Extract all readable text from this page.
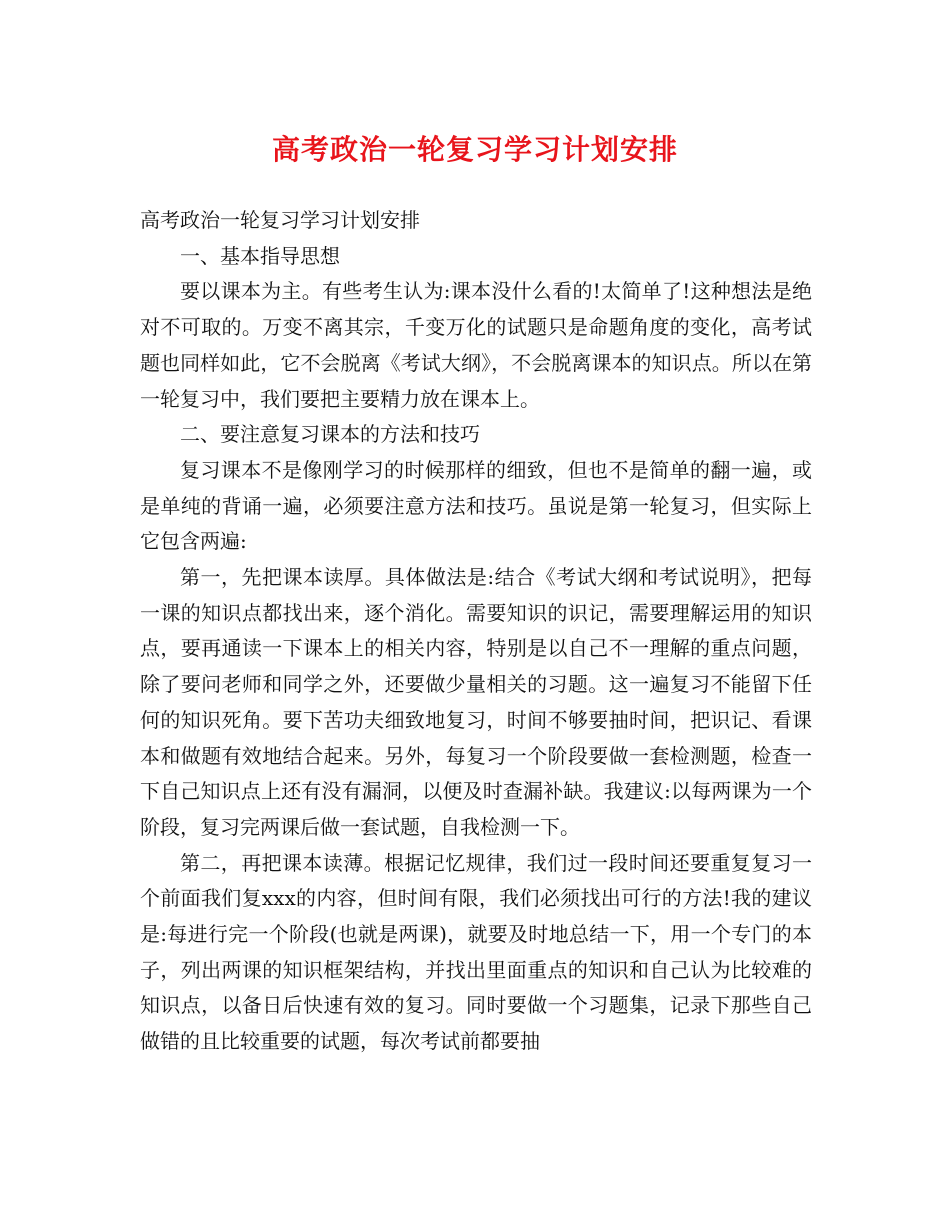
高考政治一轮复习学习计划安排

高考政治一轮复习学习计划安排

一、基本指导思想

要以课本为主。有些考生认为:课本没什么看的!太简单了!这种想法是绝对不可取的。万变不离其宗，千变万化的试题只是命题角度的变化，高考试题也同样如此，它不会脱离《考试大纲》，不会脱离课本的知识点。所以在第一轮复习中，我们要把主要精力放在课本上。

二、要注意复习课本的方法和技巧

复习课本不是像刚学习的时候那样的细致，但也不是简单的翻一遍，或是单纯的背诵一遍，必须要注意方法和技巧。虽说是第一轮复习，但实际上它包含两遍:

第一，先把课本读厚。具体做法是:结合《考试大纲和考试说明》，把每一课的知识点都找出来，逐个消化。需要知识的识记，需要理解运用的知识点，要再通读一下课本上的相关内容，特别是以自己不一理解的重点问题，除了要问老师和同学之外，还要做少量相关的习题。这一遍复习不能留下任何的知识死角。要下苦功夫细致地复习，时间不够要抽时间，把识记、看课本和做题有效地结合起来。另外，每复习一个阶段要做一套检测题，检查一下自己知识点上还有没有漏洞，以便及时查漏补缺。我建议:以每两课为一个阶段，复习完两课后做一套试题，自我检测一下。

第二，再把课本读薄。根据记忆规律，我们过一段时间还要重复复习一个前面我们复xxx的内容，但时间有限，我们必须找出可行的方法!我的建议是:每进行完一个阶段(也就是两课)，就要及时地总结一下，用一个专门的本子，列出两课的知识框架结构，并找出里面重点的知识和自己认为比较难的知识点，以备日后快速有效的复习。同时要做一个习题集，记录下那些自己做错的且比较重要的试题，每次考试前都要抽
